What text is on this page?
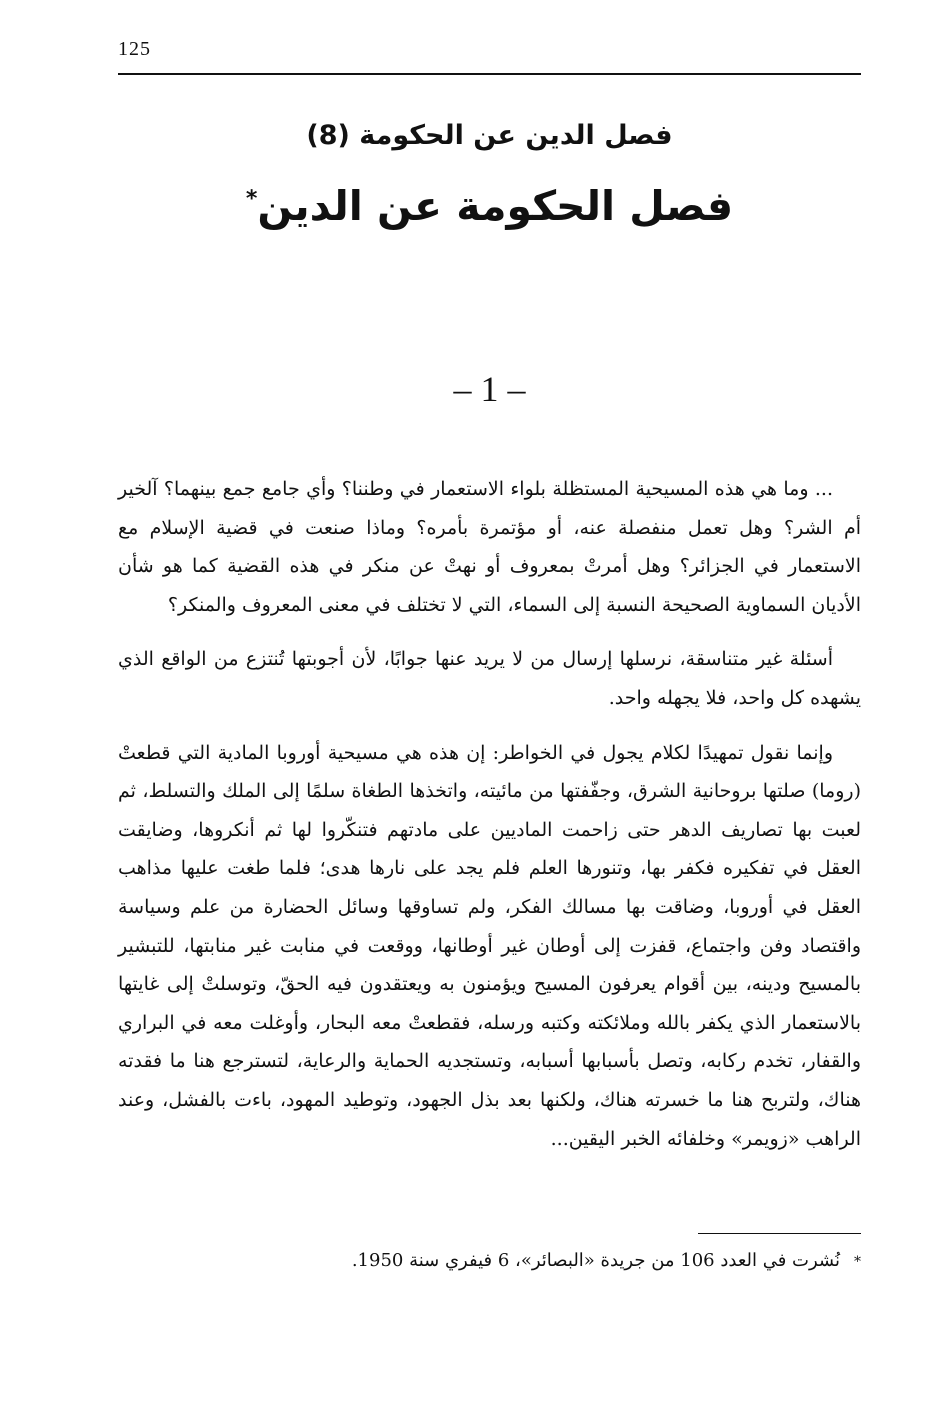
125
فصل الدين عن الحكومة (8)
فصل الحكومة عن الدين*
– 1 –

... وما هي هذه المسيحية المستظلة بلواء الاستعمار في وطننا؟ وأي جامع جمع بينهما؟ آلخير أم الشر؟ وهل تعمل منفصلة عنه، أو مؤتمرة بأمره؟ وماذا صنعت في قضية الإسلام مع الاستعمار في الجزائر؟ وهل أمرتْ بمعروف أو نهتْ عن منكر في هذه القضية كما هو شأن الأديان السماوية الصحيحة النسبة إلى السماء، التي لا تختلف في معنى المعروف والمنكر؟

أسئلة غير متناسقة، نرسلها إرسال من لا يريد عنها جوابًا، لأن أجوبتها تُنتزع من الواقع الذي يشهده كل واحد، فلا يجهله واحد.

وإنما نقول تمهيدًا لكلام يجول في الخواطر: إن هذه هي مسيحية أوروبا المادية التي قطعتْ (روما) صلتها بروحانية الشرق، وجفّفتها من مائيته، واتخذها الطغاة سلمًا إلى الملك والتسلط، ثم لعبت بها تصاريف الدهر حتى زاحمت الماديين على مادتهم فتنكّروا لها ثم أنكروها، وضايقت العقل في تفكيره فكفر بها، وتنورها العلم فلم يجد على نارها هدى؛ فلما طغت عليها مذاهب العقل في أوروبا، وضاقت بها مسالك الفكر، ولم تساوقها وسائل الحضارة من علم وسياسة واقتصاد وفن واجتماع، قفزت إلى أوطان غير أوطانها، ووقعت في منابت غير منابتها، للتبشير بالمسيح ودينه، بين أقوام يعرفون المسيح ويؤمنون به ويعتقدون فيه الحقّ، وتوسلتْ إلى غايتها بالاستعمار الذي يكفر بالله وملائكته وكتبه ورسله، فقطعتْ معه البحار، وأوغلت معه في البراري والقفار، تخدم ركابه، وتصل بأسبابها أسبابه، وتستجديه الحماية والرعاية، لتسترجع هنا ما فقدته هناك، ولتربح هنا ما خسرته هناك، ولكنها بعد بذل الجهود، وتوطيد المهود، باءت بالفشل، وعند الراهب «زويمر» وخلفائه الخبر اليقين...

*نُشرت في العدد 106 من جريدة «البصائر»، 6 فيفري سنة 1950.
